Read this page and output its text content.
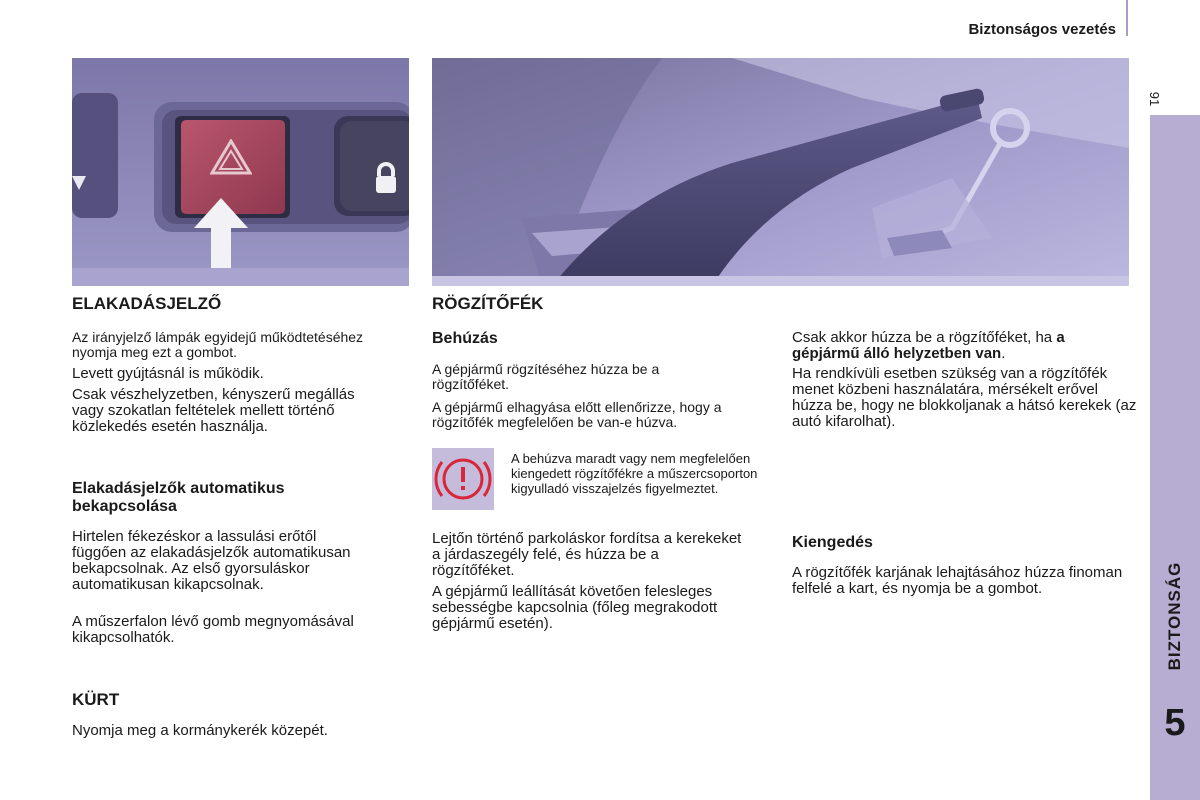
Biztonságos vezetés
91
BIZTONSÁG
5
ELAKADÁSJELZŐ

Az irányjelző lámpák egyidejű működtetéséhez nyomja meg ezt a gombot.

Levett gyújtásnál is működik.

Csak vészhelyzetben, kényszerű megállás vagy szokatlan feltételek mellett történő közlekedés esetén használja.

Elakadásjelzők automatikus bekapcsolása

Hirtelen fékezéskor a lassulási erőtől függően az elakadásjelzők automatikusan bekapcsolnak. Az első gyorsuláskor automatikusan kikapcsolnak.

A műszerfalon lévő gomb megnyomásával kikapcsolhatók.

KÜRT

Nyomja meg a kormánykerék közepét.

RÖGZÍTŐFÉK
Behúzás

A gépjármű rögzítéséhez húzza be a rögzítőféket.

A gépjármű elhagyása előtt ellenőrizze, hogy a rögzítőfék megfelelően be van-e húzva.

A behúzva maradt vagy nem megfelelően kiengedett rögzítőfékre a műszercsoporton kigyulladó visszajelzés figyelmeztet.

Lejtőn történő parkoláskor fordítsa a kerekeket a járdaszegély felé, és húzza be a rögzítőféket.

A gépjármű leállítását követően felesleges sebességbe kapcsolnia (főleg megrakodott gépjármű esetén).

Csak akkor húzza be a rögzítőféket, ha a gépjármű álló helyzetben van.

Ha rendkívüli esetben szükség van a rögzítőfék menet közbeni használatára, mérsékelt erővel húzza be, hogy ne blokkoljanak a hátsó kerekek (az autó kifarolhat).

Kiengedés

A rögzítőfék karjának lehajtásához húzza finoman felfelé a kart, és nyomja be a gombot.
